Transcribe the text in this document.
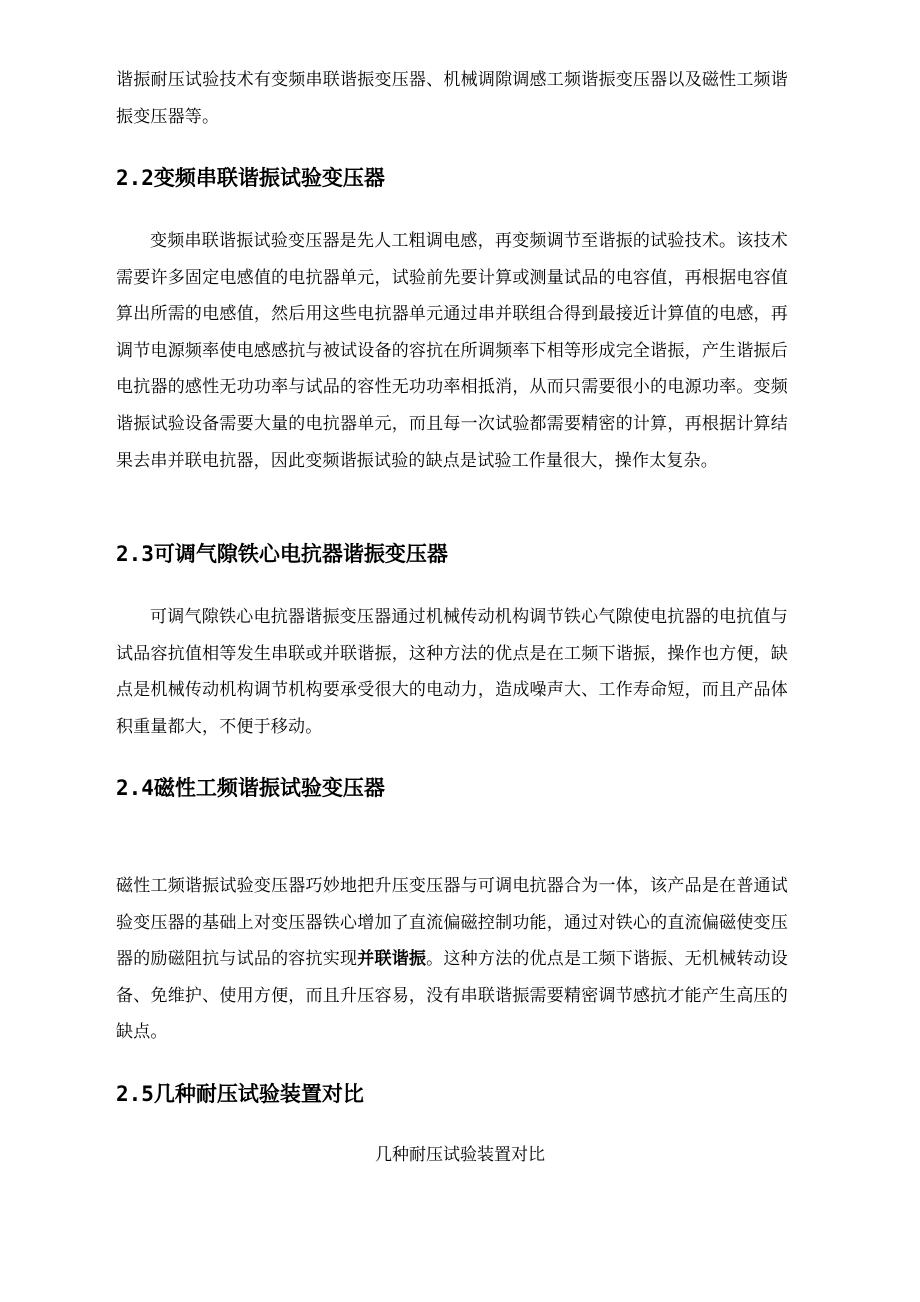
谐振耐压试验技术有变频串联谐振变压器、机械调隙调感工频谐振变压器以及磁性工频谐振变压器等。

2.2变频串联谐振试验变压器

变频串联谐振试验变压器是先人工粗调电感，再变频调节至谐振的试验技术。该技术需要许多固定电感值的电抗器单元，试验前先要计算或测量试品的电容值，再根据电容值算出所需的电感值，然后用这些电抗器单元通过串并联组合得到最接近计算值的电感，再调节电源频率使电感感抗与被试设备的容抗在所调频率下相等形成完全谐振，产生谐振后电抗器的感性无功功率与试品的容性无功功率相抵消，从而只需要很小的电源功率。变频谐振试验设备需要大量的电抗器单元，而且每一次试验都需要精密的计算，再根据计算结果去串并联电抗器，因此变频谐振试验的缺点是试验工作量很大，操作太复杂。

2.3可调气隙铁心电抗器谐振变压器

可调气隙铁心电抗器谐振变压器通过机械传动机构调节铁心气隙使电抗器的电抗值与试品容抗值相等发生串联或并联谐振，这种方法的优点是在工频下谐振，操作也方便，缺点是机械传动机构调节机构要承受很大的电动力，造成噪声大、工作寿命短，而且产品体积重量都大，不便于移动。

2.4磁性工频谐振试验变压器

磁性工频谐振试验变压器巧妙地把升压变压器与可调电抗器合为一体，该产品是在普通试验变压器的基础上对变压器铁心增加了直流偏磁控制功能，通过对铁心的直流偏磁使变压器的励磁阻抗与试品的容抗实现并联谐振。这种方法的优点是工频下谐振、无机械转动设备、免维护、使用方便，而且升压容易，没有串联谐振需要精密调节感抗才能产生高压的缺点。

2.5几种耐压试验装置对比

几种耐压试验装置对比
